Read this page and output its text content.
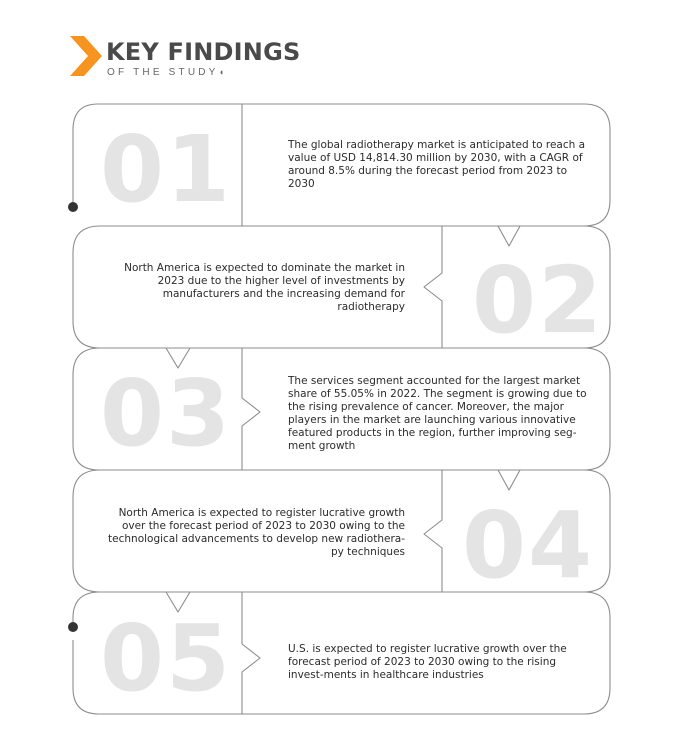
KEY FINDINGS
OF THE STUDY◖
01
02
03
04
05
The global radiotherapy market is anticipated to reach a value of USD 14,814.30 million by 2030, with a CAGR of around 8.5% during the forecast period from 2023 to 2030
North America is expected to dominate the market in 2023 due to the higher level of investments by manufacturers and the increasing demand for radiotherapy
The services segment accounted for the largest market share of 55.05% in 2022. The segment is growing due to the rising prevalence of cancer. Moreover, the major players in the market are launching various innovative featured products in the region, further improving seg-ment growth
North America is expected to register lucrative growth over the forecast period of 2023 to 2030 owing to the technological advancements to develop new radiothera-py techniques
U.S. is expected to register lucrative growth over the forecast period of 2023 to 2030 owing to the rising invest-ments in healthcare industries
